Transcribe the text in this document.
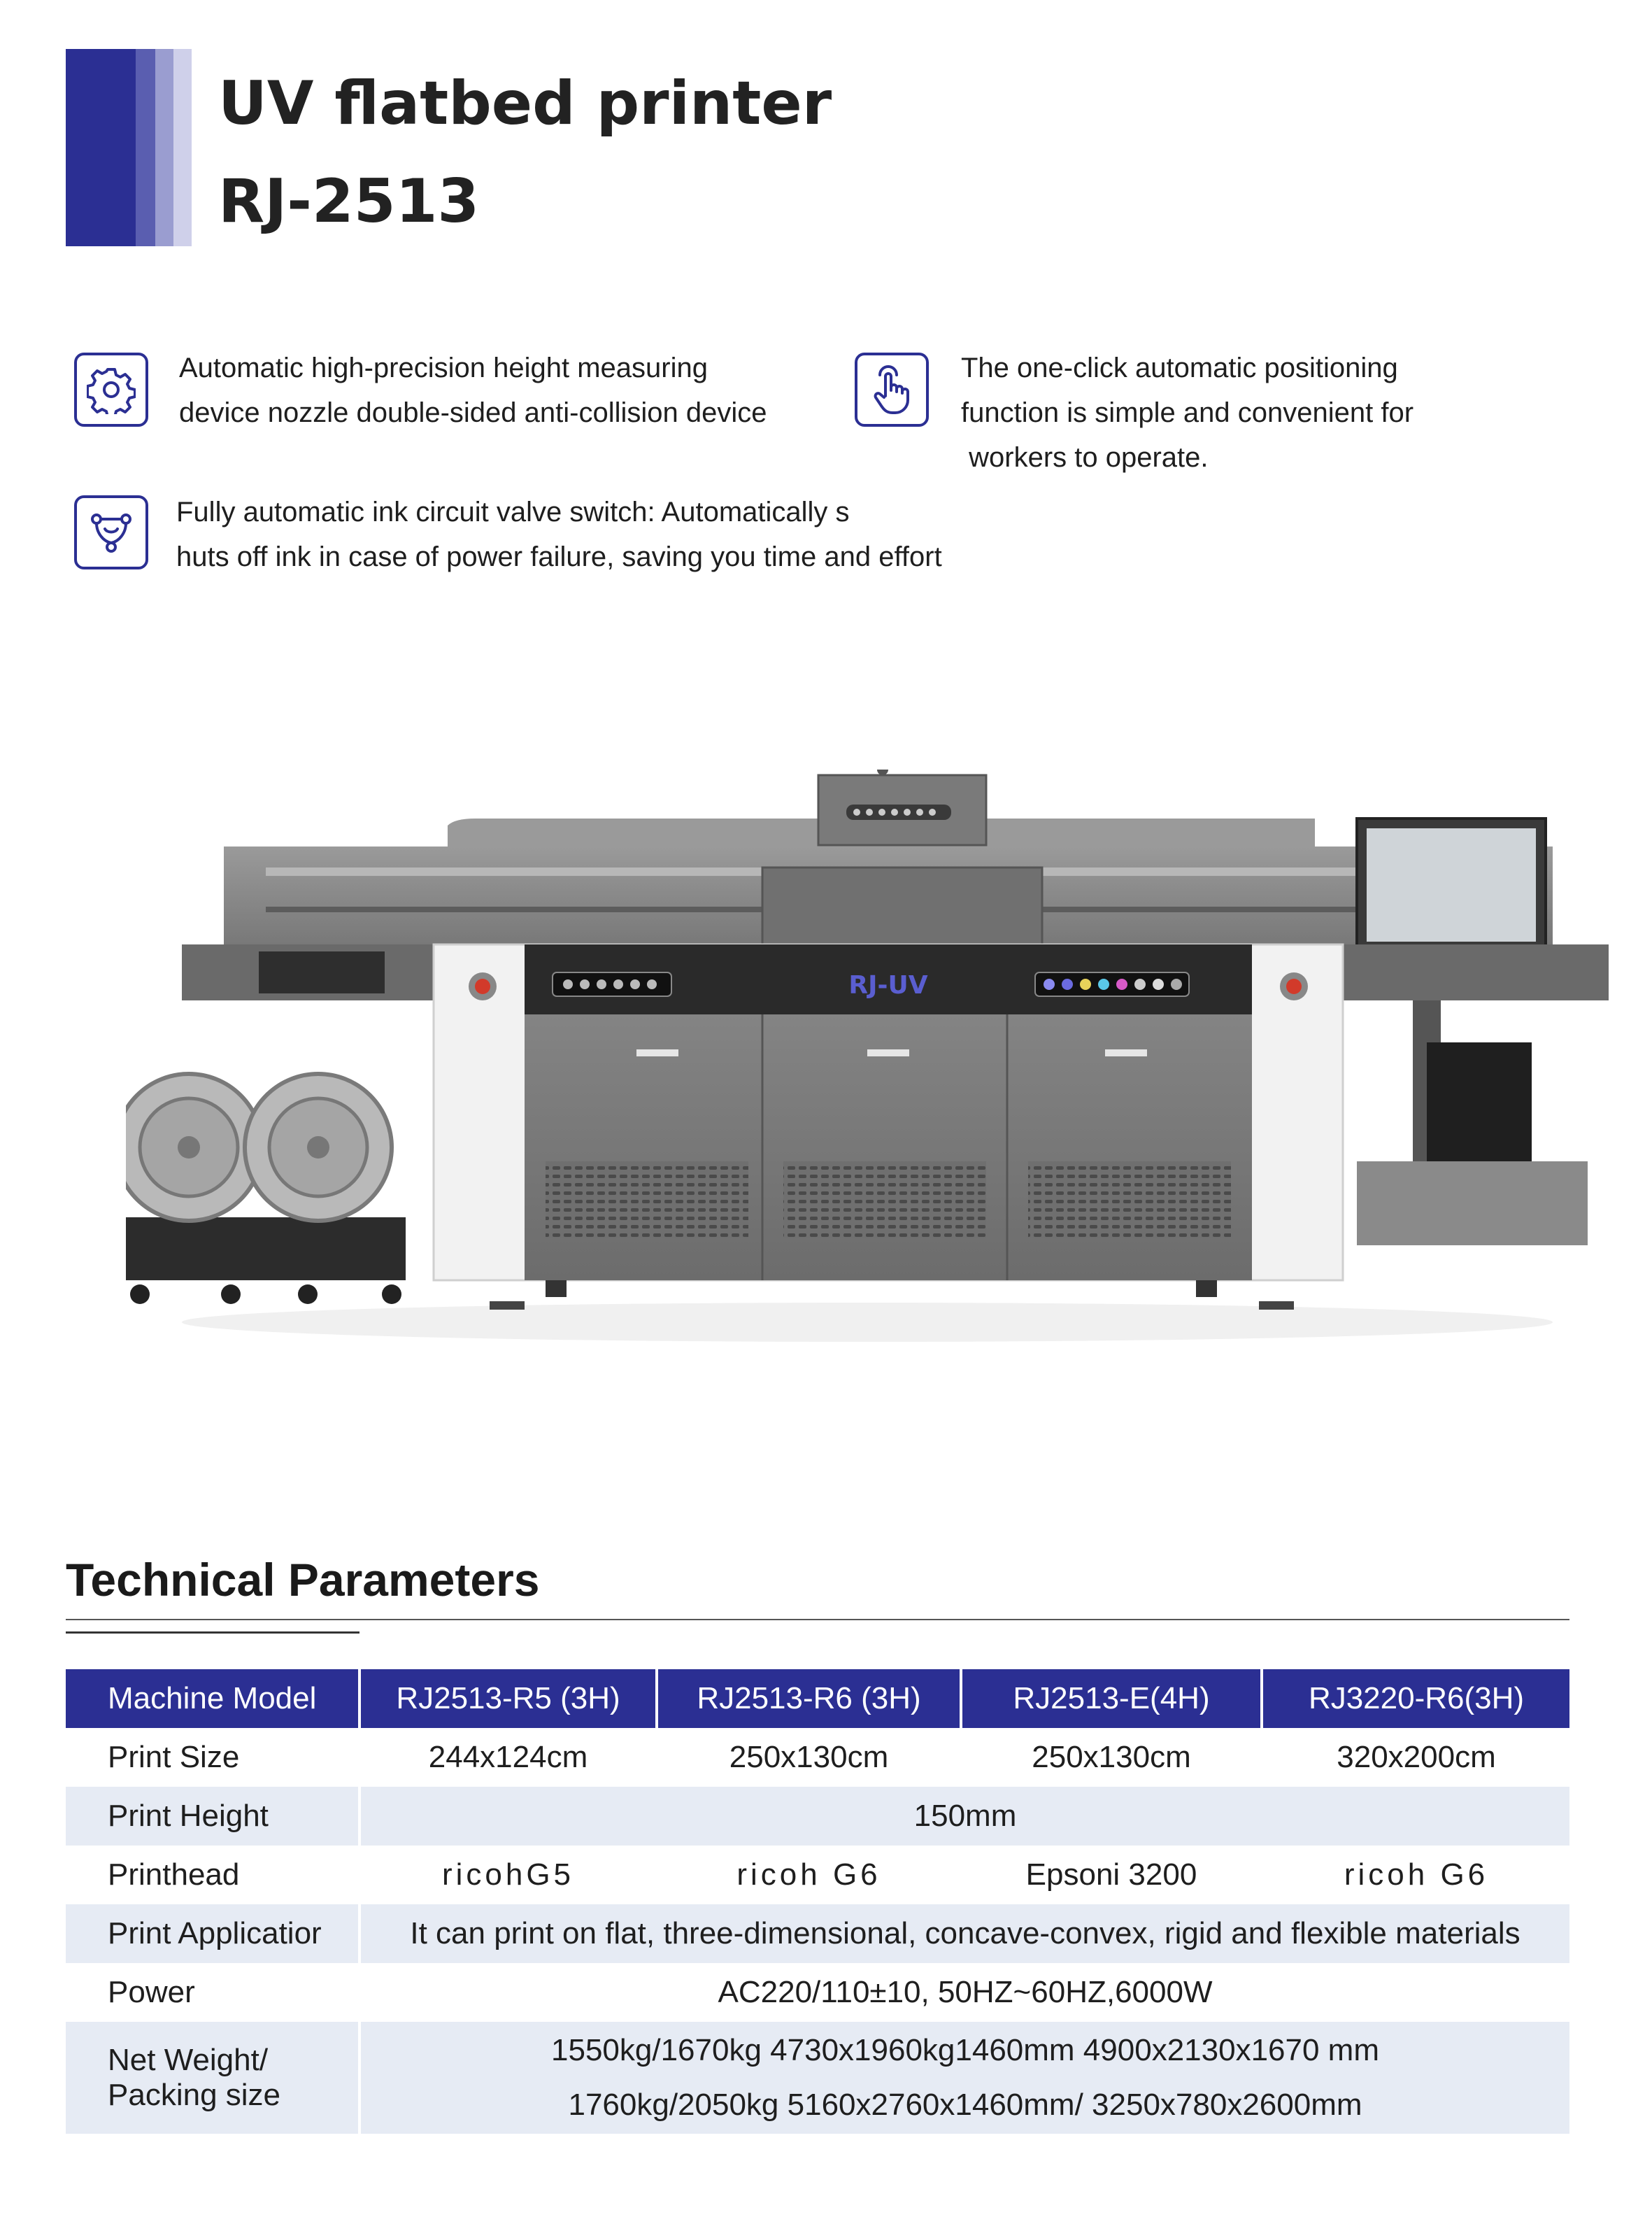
UV flatbed printer
RJ-2513
Automatic high-precision height measuring
device nozzle double-sided anti-collision device
The one-click automatic positioning
function is simple and convenient for
workers to operate.
Fully automatic ink circuit valve switch: Automatically s
huts off ink in case of power failure, saving you time and effort
RJ-UV
Technical Parameters
Machine Model	RJ2513-R5 (3H)	RJ2513-R6 (3H)	RJ2513-E(4H)	RJ3220-R6(3H)
Print Size	244x124cm	250x130cm	250x130cm	320x200cm
Print Height	150mm			
Printhead	ricohG5	ricoh G6	Epsoni 3200	ricoh G6
Print Applicatior	It can print on flat, three-dimensional, concave-convex, rigid and flexible materials			
Power	AC220/110±10, 50HZ~60HZ,6000W			

Net Weight/
Packing size	1550kg/1670kg 4730x1960kg1460mm 4900x2130x1670 mm
1760kg/2050kg 5160x2760x1460mm/ 3250x780x2600mm			
